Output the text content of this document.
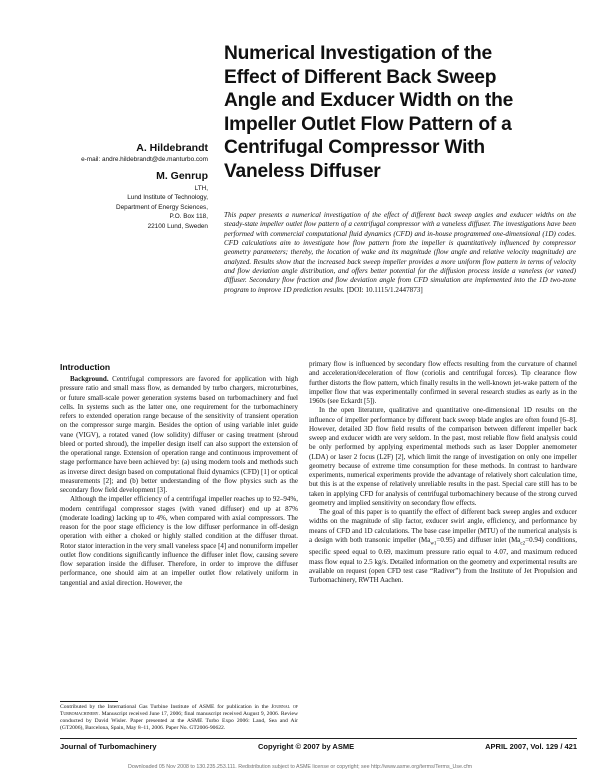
Numerical Investigation of the
Effect of Different Back Sweep
Angle and Exducer Width on the
Impeller Outlet Flow Pattern of a
Centrifugal Compressor With
Vaneless Diffuser
A. Hildebrandt
e-mail: andre.hildebrandt@de.manturbo.com
M. Genrup
LTH,
Lund Institute of Technology,
Department of Energy Sciences,
P.O. Box 118,
22100 Lund, Sweden
This paper presents a numerical investigation of the effect of different back sweep angles and exducer widths on the steady-state impeller outlet flow pattern of a centrifugal compressor with a vaneless diffuser. The investigations have been performed with commercial computational fluid dynamics (CFD) and in-house programmed one-dimensional (1D) codes. CFD calculations aim to investigate how flow pattern from the impeller is quantitatively influenced by compressor geometry parameters; thereby, the location of wake and its magnitude (flow angle and relative velocity magnitude) are analyzed. Results show that the increased back sweep impeller provides a more uniform flow pattern in terms of velocity and flow deviation angle distribution, and offers better potential for the diffusion process inside a vaneless (or vaned) diffuser. Secondary flow fraction and flow deviation angle from CFD simulation are implemented into the 1D two-zone program to improve 1D prediction results. [DOI: 10.1115/1.2447873]
Introduction

Background. Centrifugal compressors are favored for application with high pressure ratio and small mass flow, as demanded by turbo chargers, microturbines, or future small-scale power generation systems based on turbomachinery and fuel cells. In systems such as the latter one, one requirement for the turbomachinery refers to extended operation range because of the sensitivity of transient operation on the compressor surge margin. Besides the option of using variable inlet guide vane (VIGV), a rotated vaned (low solidity) diffuser or casing treatment (shroud bleed or ported shroud), the impeller design itself can also support the extension of the operational range. Extension of operation range and continuous improvement of stage performance have been achieved by: (a) using modern tools and methods such as inverse direct design based on computational fluid dynamics (CFD) [1] or optical measurements [2]; and (b) better understanding of the flow physics such as the secondary flow field development [3].

Although the impeller efficiency of a centrifugal impeller reaches up to 92–94%, modern centrifugal compressor stages (with vaned diffuser) end up at 87% (moderate loading) lacking up to 4%, when compared with axial compressors. The reason for the poor stage efficiency is the low diffuser performance in off-design operation with either a choked or highly stalled condition at the diffuser throat. Rotor stator interaction in the very small vaneless space [4] and nonuniform impeller outlet flow conditions significantly influence the diffuser inlet flow, causing severe flow separation inside the diffuser. Therefore, in order to improve the diffuser performance, one should aim at an impeller outlet flow relatively uniform in tangential and axial direction. However, the

Contributed by the International Gas Turbine Institute of ASME for publication in the Journal of Turbomachinery. Manuscript received June 17, 2006; final manuscript received August 9, 2006. Review conducted by David Wisler. Paper presented at the ASME Turbo Expo 2006: Land, Sea and Air (GT2006), Barcelona, Spain, May 8–11, 2006. Paper No. GT2006-90622.

primary flow is influenced by secondary flow effects resulting from the curvature of channel and acceleration/deceleration of flow (coriolis and centrifugal forces). Tip clearance flow further distorts the flow pattern, which finally results in the well-known jet-wake pattern of the impeller flow that was experimentally confirmed in several research studies as early as in the 1960s (see Eckardt [5]).

In the open literature, qualitative and quantitative one-dimensional 1D results on the influence of impeller performance by different back sweep blade angles are often found [6–8]. However, detailed 3D flow field results of the comparison between different impeller back sweep and exducer width are very seldom. In the past, most reliable flow field analysis could be only performed by applying experimental methods such as laser Doppler anemometer (LDA) or laser 2 focus (L2F) [2], which limit the range of investigation on only one impeller geometry because of extreme time consumption for these methods. In contrast to hardware experiments, numerical experiments provide the advantage of relatively short calculation time, but this is at the expense of relatively unreliable results in the past. Special care still has to be taken in applying CFD for analysis of centrifugal turbomachinery because of the strong curved geometry and implied sensitivity on secondary flow effects.

The goal of this paper is to quantify the effect of different back sweep angles and exducer widths on the magnitude of slip factor, exducer swirl angle, efficiency, and performance by means of CFD and 1D calculations. The base case impeller (MTU) of the numerical analysis is a design with both transonic impeller $(Ma_{w1}=0.95)$ and diffuser inlet $(Ma_{c2}=0.94)$ conditions, specific speed equal to 0.69, maximum pressure ratio equal to 4.07, and maximum reduced mass flow equal to 2.5 kg/s. Detailed information on the geometry and experimental results are available on request (open CFD test case “Radiver”) from the Institute of Jet Propulsion and Turbomachinery, RWTH Aachen.

Journal of Turbomachinery	Copyright © 2007 by ASME	APRIL 2007, Vol. 129 / 421
Downloaded 05 Nov 2008 to 130.235.253.111. Redistribution subject to ASME license or copyright; see http://www.asme.org/terms/Terms_Use.cfm
